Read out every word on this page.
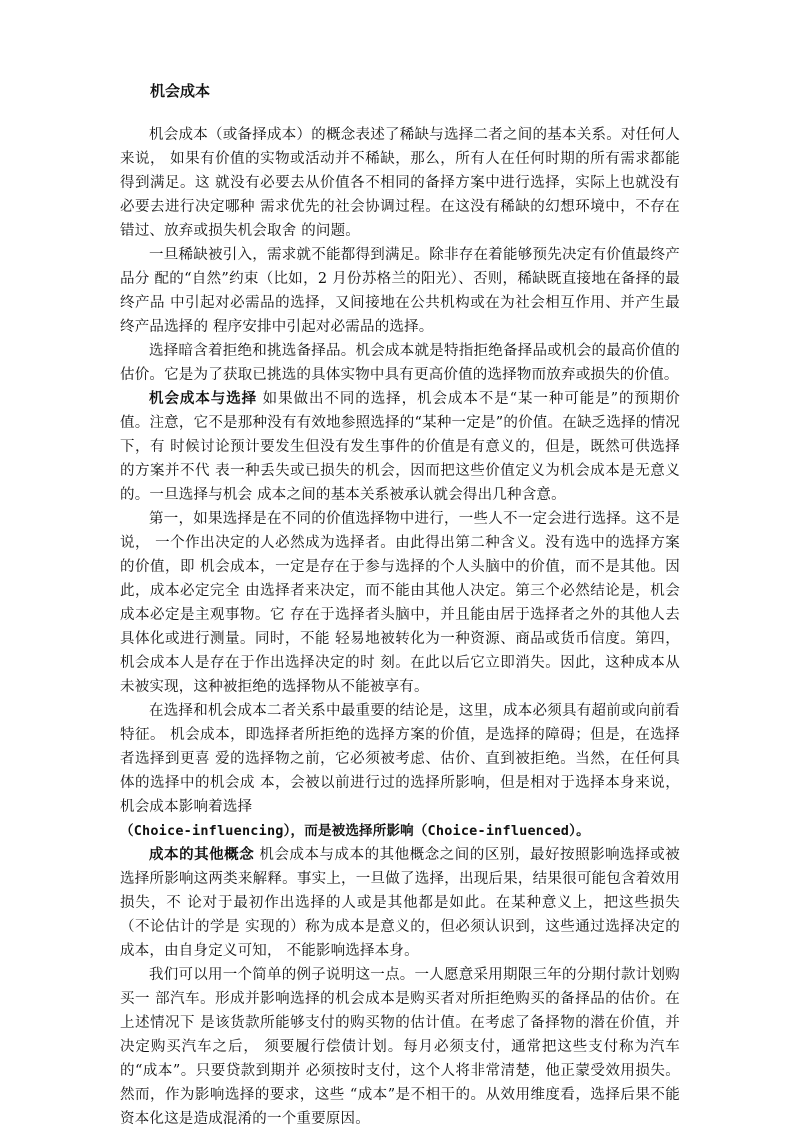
机会成本

机会成本（或备择成本）的概念表述了稀缺与选择二者之间的基本关系。对任何人来说， 如果有价值的实物或活动并不稀缺，那么，所有人在任何时期的所有需求都能得到满足。这 就没有必要去从价值各不相同的备择方案中进行选择，实际上也就没有必要去进行决定哪种 需求优先的社会协调过程。在这没有稀缺的幻想环境中，不存在错过、放弃或损失机会取舍 的问题。

一旦稀缺被引入，需求就不能都得到满足。除非存在着能够预先决定有价值最终产品分 配的“自然”约束（比如，2 月份苏格兰的阳光）、否则，稀缺既直接地在备择的最终产品 中引起对必需品的选择，又间接地在公共机构或在为社会相互作用、并产生最终产品选择的 程序安排中引起对必需品的选择。

选择暗含着拒绝和挑选备择品。机会成本就是特指拒绝备择品或机会的最高价值的估价。它是为了获取已挑选的具体实物中具有更高价值的选择物而放弃或损失的价值。

机会成本与选择 如果做出不同的选择，机会成本不是“某一种可能是”的预期价值。注意，它不是那种没有有效地参照选择的“某种一定是”的价值。在缺乏选择的情况下，有 时候讨论预计要发生但没有发生事件的价值是有意义的，但是，既然可供选择的方案并不代 表一种丢失或已损失的机会，因而把这些价值定义为机会成本是无意义的。一旦选择与机会 成本之间的基本关系被承认就会得出几种含意。

第一，如果选择是在不同的价值选择物中进行，一些人不一定会进行选择。这不是说， 一个作出决定的人必然成为选择者。由此得出第二种含义。没有选中的选择方案的价值，即 机会成本，一定是存在于参与选择的个人头脑中的价值，而不是其他。因此，成本必定完全 由选择者来决定，而不能由其他人决定。第三个必然结论是，机会成本必定是主观事物。它 存在于选择者头脑中，并且能由居于选择者之外的其他人去具体化或进行测量。同时，不能 轻易地被转化为一种资源、商品或货币信度。第四，机会成本人是存在于作出选择决定的时 刻。在此以后它立即消失。因此，这种成本从未被实现，这种被拒绝的选择物从不能被享有。

在选择和机会成本二者关系中最重要的结论是，这里，成本必须具有超前或向前看特征。 机会成本，即选择者所拒绝的选择方案的价值，是选择的障碍；但是，在选择者选择到更喜 爱的选择物之前，它必须被考虑、估价、直到被拒绝。当然，在任何具体的选择中的机会成 本，会被以前进行过的选择所影响，但是相对于选择本身来说，机会成本影响着选择

（Choice-influencing），而是被选择所影响（Choice-influenced）。

成本的其他概念 机会成本与成本的其他概念之间的区别，最好按照影响选择或被选择所影响这两类来解释。事实上，一旦做了选择，出现后果，结果很可能包含着效用损失，不 论对于最初作出选择的人或是其他都是如此。在某种意义上，把这些损失（不论估计的学是 实现的）称为成本是意义的，但必须认识到，这些通过选择决定的成本，由自身定义可知， 不能影响选择本身。

我们可以用一个简单的例子说明这一点。一人愿意采用期限三年的分期付款计划购买一 部汽车。形成并影响选择的机会成本是购买者对所拒绝购买的备择品的估价。在上述情况下 是该货款所能够支付的购买物的估计值。在考虑了备择物的潜在价值，并决定购买汽车之后， 须要履行偿债计划。每月必须支付，通常把这些支付称为汽车的“成本”。只要贷款到期并 必须按时支付，这个人将非常清楚，他正蒙受效用损失。然而，作为影响选择的要求，这些 “成本”是不相干的。从效用维度看，选择后果不能资本化这是造成混淆的一个重要原因。
